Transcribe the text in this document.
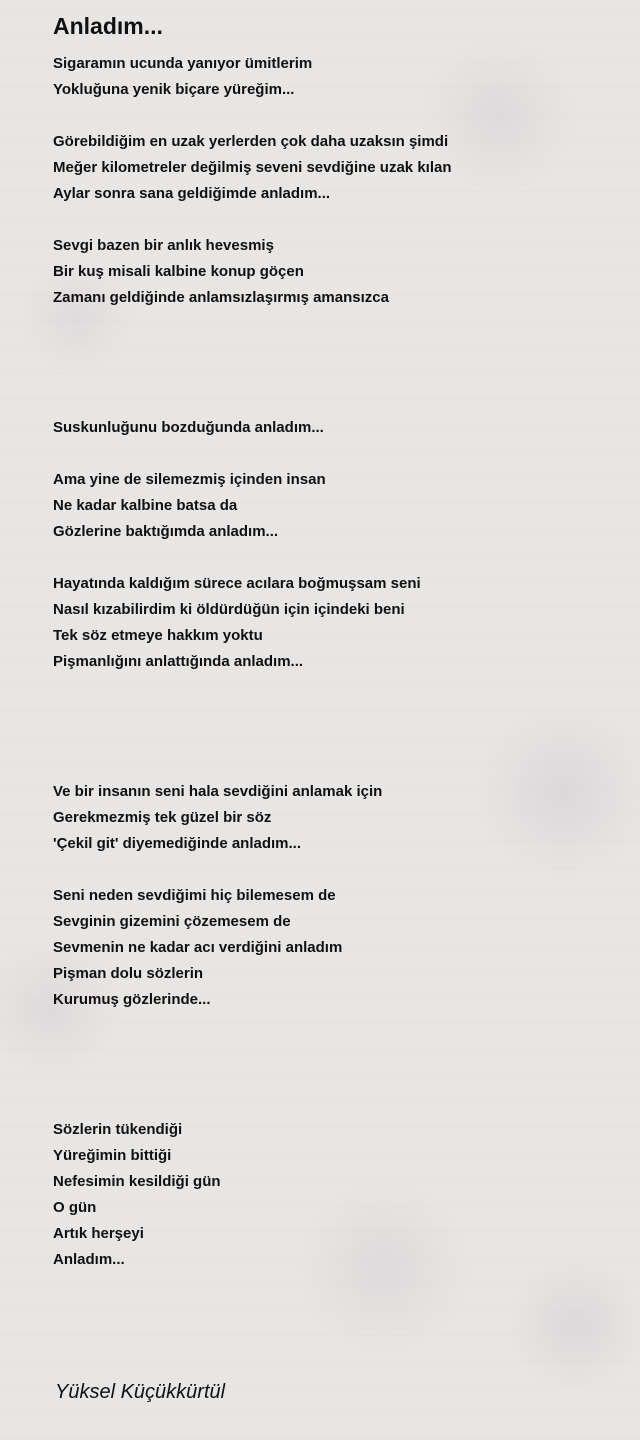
Anladım...
Sigaramın ucunda yanıyor ümitlerim
Yokluğuna yenik biçare yüreğim...
Görebildiğim en uzak yerlerden çok daha uzaksın şimdi
Meğer kilometreler değilmiş seveni sevdiğine uzak kılan
Aylar sonra sana geldiğimde anladım...
Sevgi bazen bir anlık hevesmiş
Bir kuş misali kalbine konup göçen
Zamanı geldiğinde anlamsızlaşırmış amansızca
Suskunluğunu bozduğunda anladım...
Ama yine de silemezmiş içinden insan
Ne kadar kalbine batsa da
Gözlerine baktığımda anladım...
Hayatında kaldığım sürece acılara boğmuşsam seni
Nasıl kızabilirdim ki öldürdüğün için içindeki beni
Tek söz etmeye hakkım yoktu
Pişmanlığını anlattığında anladım...
Ve bir insanın seni hala sevdiğini anlamak için
Gerekmezmiş tek güzel bir söz
'Çekil git' diyemediğinde anladım...
Seni neden sevdiğimi hiç bilemesem de
Sevginin gizemini çözemesem de
Sevmenin ne kadar acı verdiğini anladım
Pişman dolu sözlerin
Kurumuş gözlerinde...
Sözlerin tükendiği
Yüreğimin bittiği
Nefesimin kesildiği gün
O gün
Artık herşeyi
Anladım...
Yüksel Küçükkürtül
